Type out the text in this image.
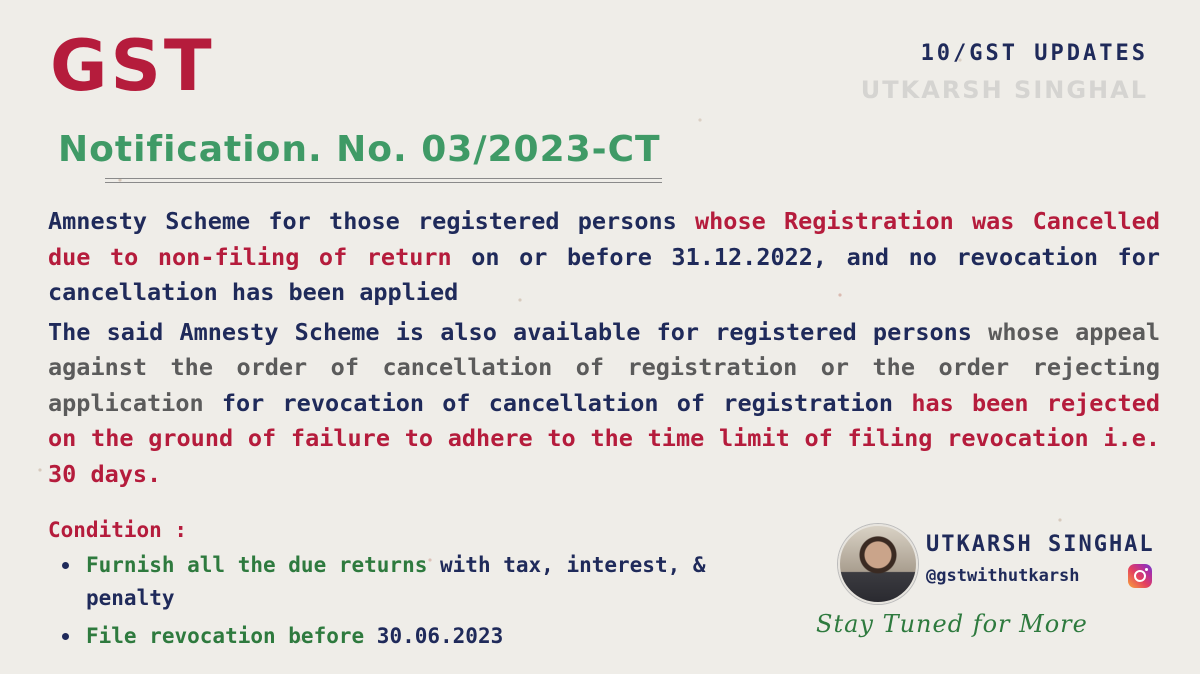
GST	10/GST UPDATES
UTKARSH SINGHAL
Notification. No. 03/2023-CT

Amnesty Scheme for those registered persons whose Registration was Cancelled due to non-filing of return on or before 31.12.2022, and no revocation for cancellation has been applied

The said Amnesty Scheme is also available for registered persons whose appeal against the order of cancellation of registration or the order rejecting application for revocation of cancellation of registration has been rejected on the ground of failure to adhere to the time limit of filing revocation i.e. 30 days.

Condition :
Furnish all the due returns with tax, interest, & penalty
File revocation before 30.06.2023
UTKARSH SINGHAL
@gstwithutkarsh
Stay Tuned for More
